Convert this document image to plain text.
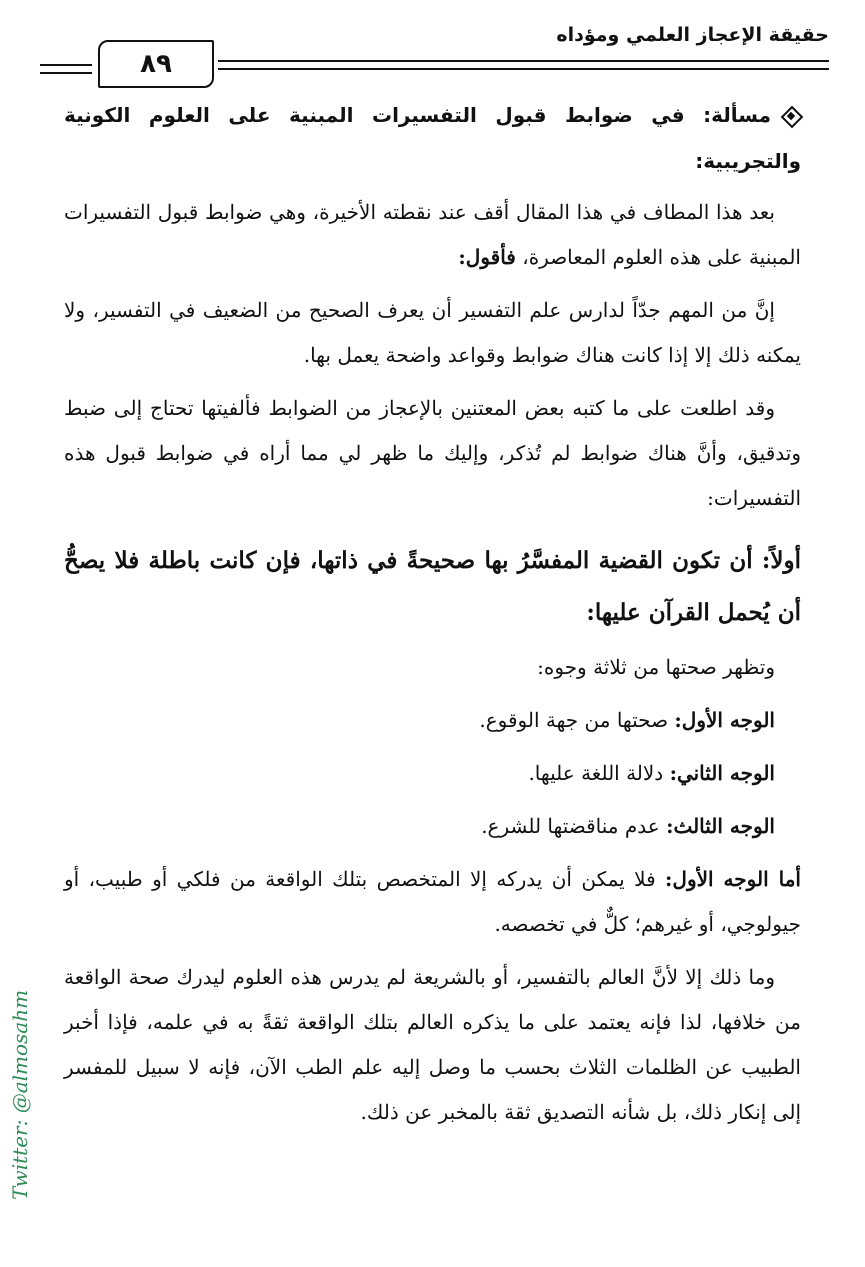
حقيقة الإعجاز العلمي ومؤداه
٨٩
مسألة: في ضوابط قبول التفسيرات المبنية على العلوم الكونية والتجريبية:

بعد هذا المطاف في هذا المقال أقف عند نقطته الأخيرة، وهي ضوابط قبول التفسيرات المبنية على هذه العلوم المعاصرة، فأقول:

إنَّ من المهم جدّاً لدارس علم التفسير أن يعرف الصحيح من الضعيف في التفسير، ولا يمكنه ذلك إلا إذا كانت هناك ضوابط وقواعد واضحة يعمل بها.

وقد اطلعت على ما كتبه بعض المعتنين بالإعجاز من الضوابط فألفيتها تحتاج إلى ضبط وتدقيق، وأنَّ هناك ضوابط لم تُذكر، وإليك ما ظهر لي مما أراه في ضوابط قبول هذه التفسيرات:

أولاً: أن تكون القضية المفسَّرُ بها صحيحةً في ذاتها، فإن كانت باطلة فلا يصحُّ أن يُحمل القرآن عليها:

وتظهر صحتها من ثلاثة وجوه:

الوجه الأول: صحتها من جهة الوقوع.

الوجه الثاني: دلالة اللغة عليها.

الوجه الثالث: عدم مناقضتها للشرع.

أما الوجه الأول: فلا يمكن أن يدركه إلا المتخصص بتلك الواقعة من فلكي أو طبيب، أو جيولوجي، أو غيرهم؛ كلٌّ في تخصصه.

وما ذلك إلا لأنَّ العالم بالتفسير، أو بالشريعة لم يدرس هذه العلوم ليدرك صحة الواقعة من خلافها، لذا فإنه يعتمد على ما يذكره العالم بتلك الواقعة ثقةً به في علمه، فإذا أخبر الطبيب عن الظلمات الثلاث بحسب ما وصل إليه علم الطب الآن، فإنه لا سبيل للمفسر إلى إنكار ذلك، بل شأنه التصديق ثقة بالمخبر عن ذلك.

Twitter: @almosahm
